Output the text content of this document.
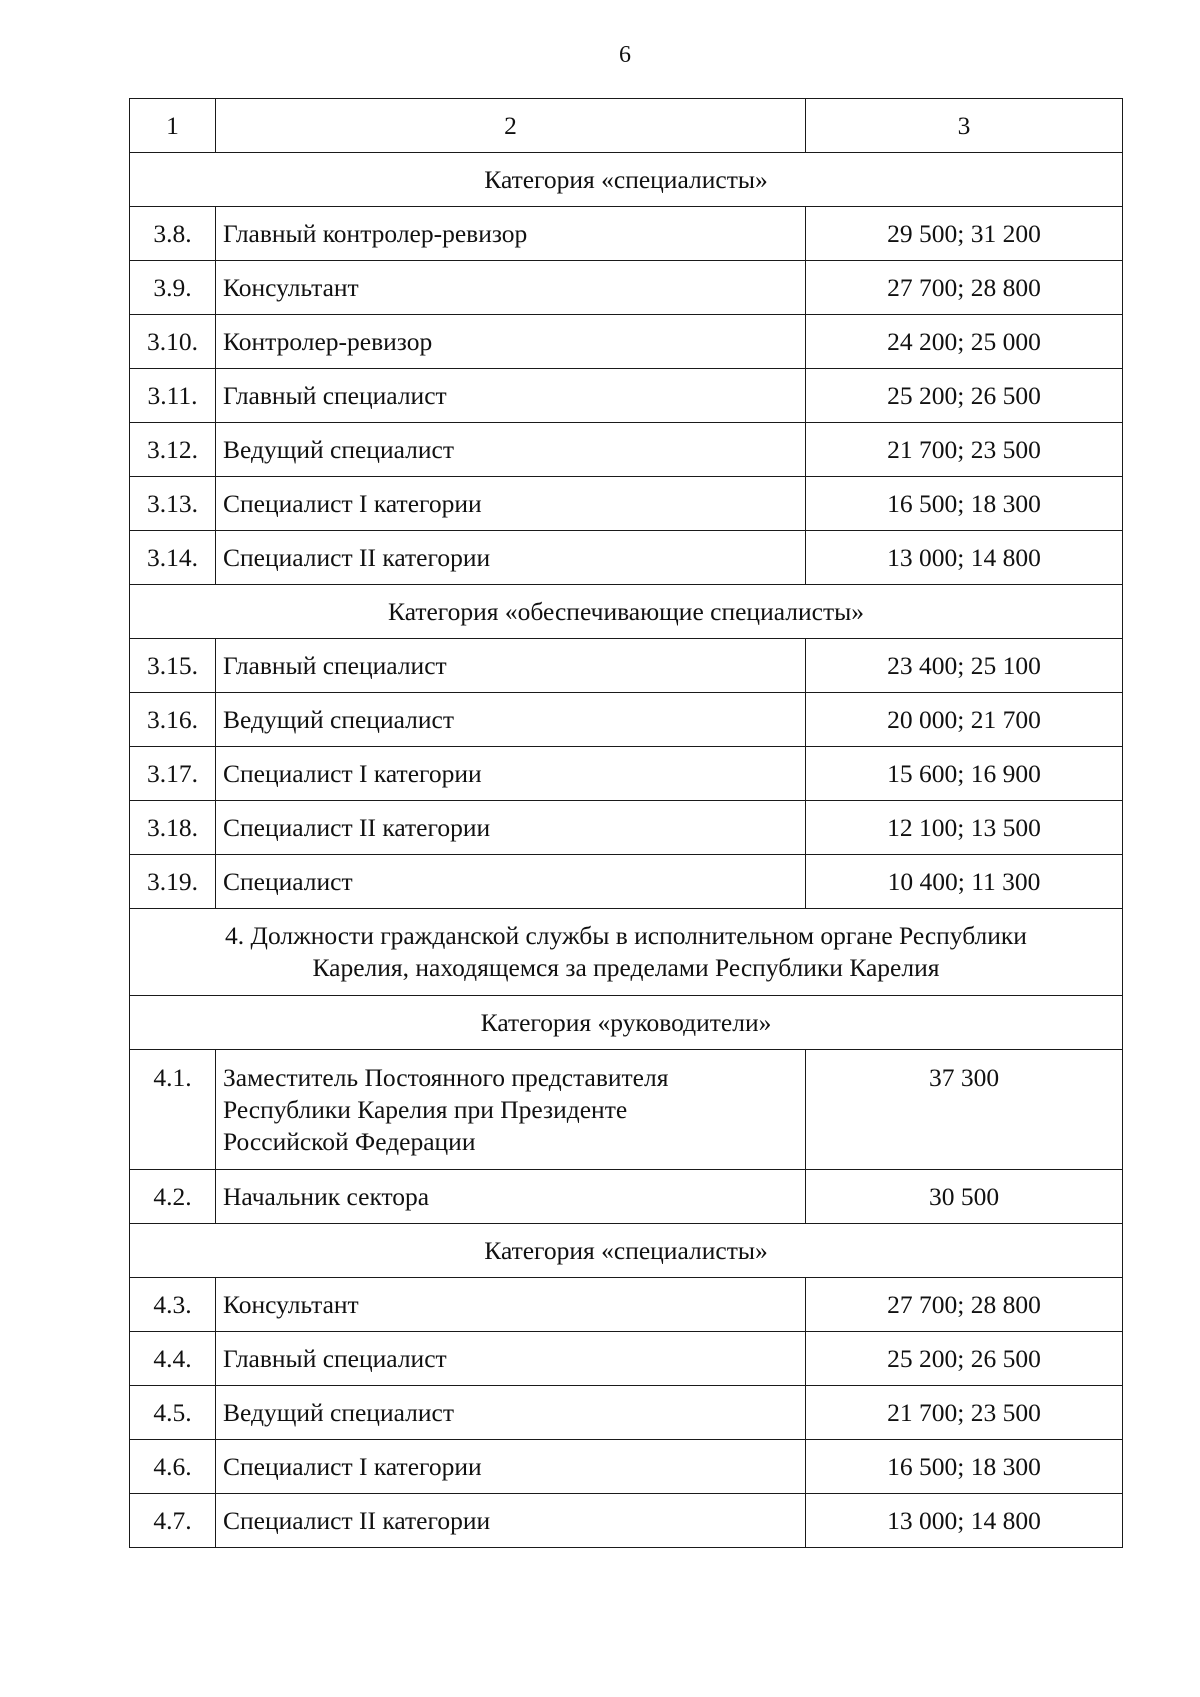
6
1	2	3
Категория «специалисты»		
3.8.	Главный контролер-ревизор	29 500; 31 200
3.9.	Консультант	27 700; 28 800
3.10.	Контролер-ревизор	24 200; 25 000
3.11.	Главный специалист	25 200; 26 500
3.12.	Ведущий специалист	21 700; 23 500
3.13.	Специалист I категории	16 500; 18 300
3.14.	Специалист II категории	13 000; 14 800
Категория «обеспечивающие специалисты»		
3.15.	Главный специалист	23 400; 25 100
3.16.	Ведущий специалист	20 000; 21 700
3.17.	Специалист I категории	15 600; 16 900
3.18.	Специалист II категории	12 100; 13 500
3.19.	Специалист	10 400; 11 300

4. Должности гражданской службы в исполнительном органе Республики
Карелия, находящемся за пределами Республики Карелия		

Категория «руководители»		
4.1.	Заместитель Постоянного представителя
Республики Карелия при Президенте
Российской Федерации	37 300
4.2.	Начальник сектора	30 500
Категория «специалисты»		
4.3.	Консультант	27 700; 28 800
4.4.	Главный специалист	25 200; 26 500
4.5.	Ведущий специалист	21 700; 23 500
4.6.	Специалист I категории	16 500; 18 300
4.7.	Специалист II категории	13 000; 14 800
